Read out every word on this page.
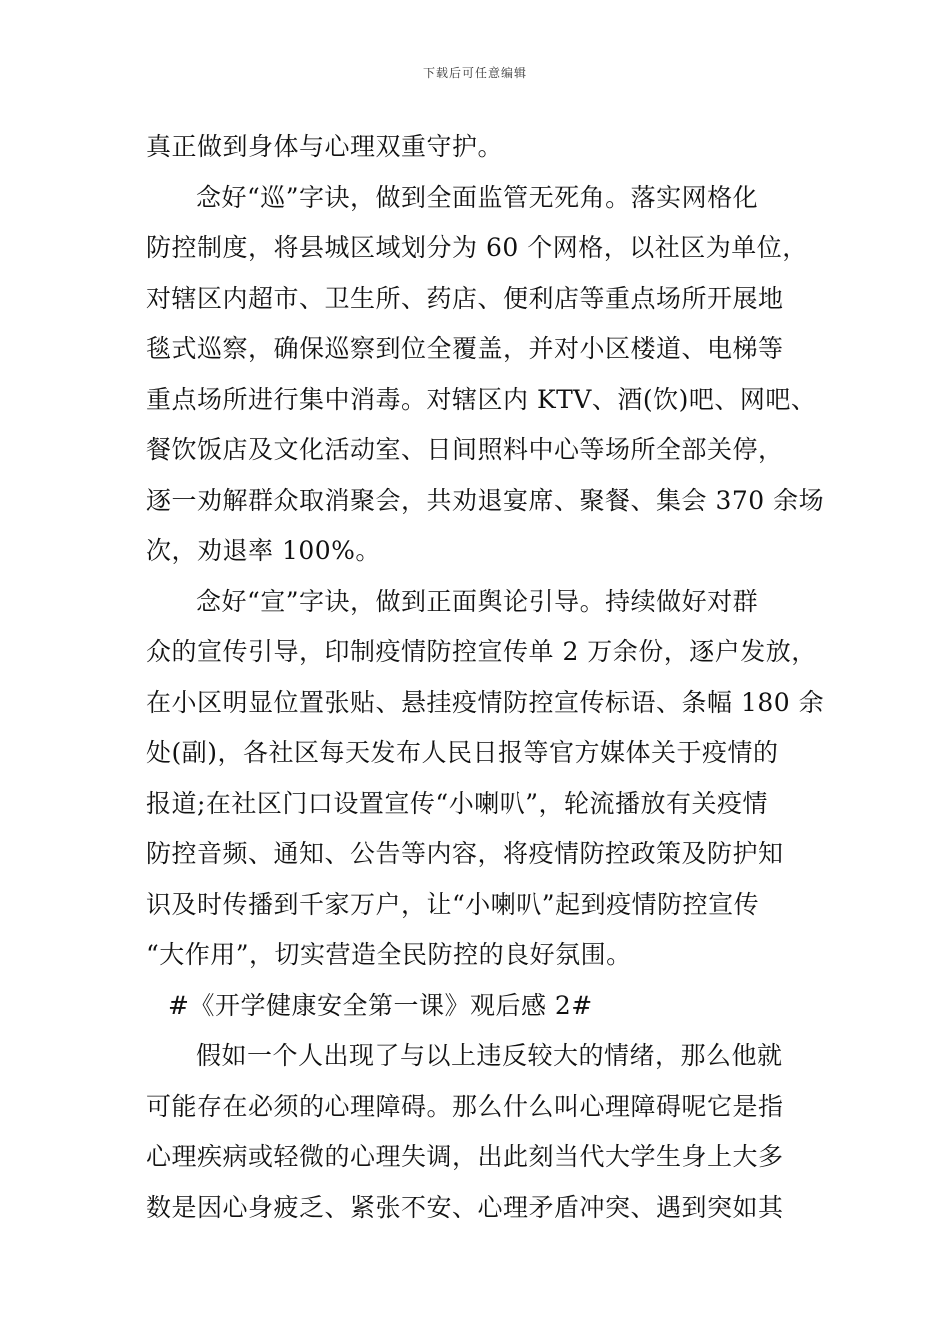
下载后可任意编辑
真正做到身体与心理双重守护。
念好“巡”字诀，做到全面监管无死角。落实网格化
防控制度，将县城区域划分为 60 个网格，以社区为单位，
对辖区内超市、卫生所、药店、便利店等重点场所开展地
毯式巡察，确保巡察到位全覆盖，并对小区楼道、电梯等
重点场所进行集中消毒。对辖区内 KTV、酒(饮)吧、网吧、
餐饮饭店及文化活动室、日间照料中心等场所全部关停，
逐一劝解群众取消聚会，共劝退宴席、聚餐、集会 370 余场
次，劝退率 100%。
念好“宣”字诀，做到正面舆论引导。持续做好对群
众的宣传引导，印制疫情防控宣传单 2 万余份，逐户发放，
在小区明显位置张贴、悬挂疫情防控宣传标语、条幅 180 余
处(副)，各社区每天发布人民日报等官方媒体关于疫情的
报道;在社区门口设置宣传“小喇叭”，轮流播放有关疫情
防控音频、通知、公告等内容，将疫情防控政策及防护知
识及时传播到千家万户，让“小喇叭”起到疫情防控宣传
“大作用”，切实营造全民防控的良好氛围。
#《开学健康安全第一课》观后感 2#
假如一个人出现了与以上违反较大的情绪，那么他就
可能存在必须的心理障碍。那么什么叫心理障碍呢它是指
心理疾病或轻微的心理失调，出此刻当代大学生身上大多
数是因心身疲乏、紧张不安、心理矛盾冲突、遇到突如其
